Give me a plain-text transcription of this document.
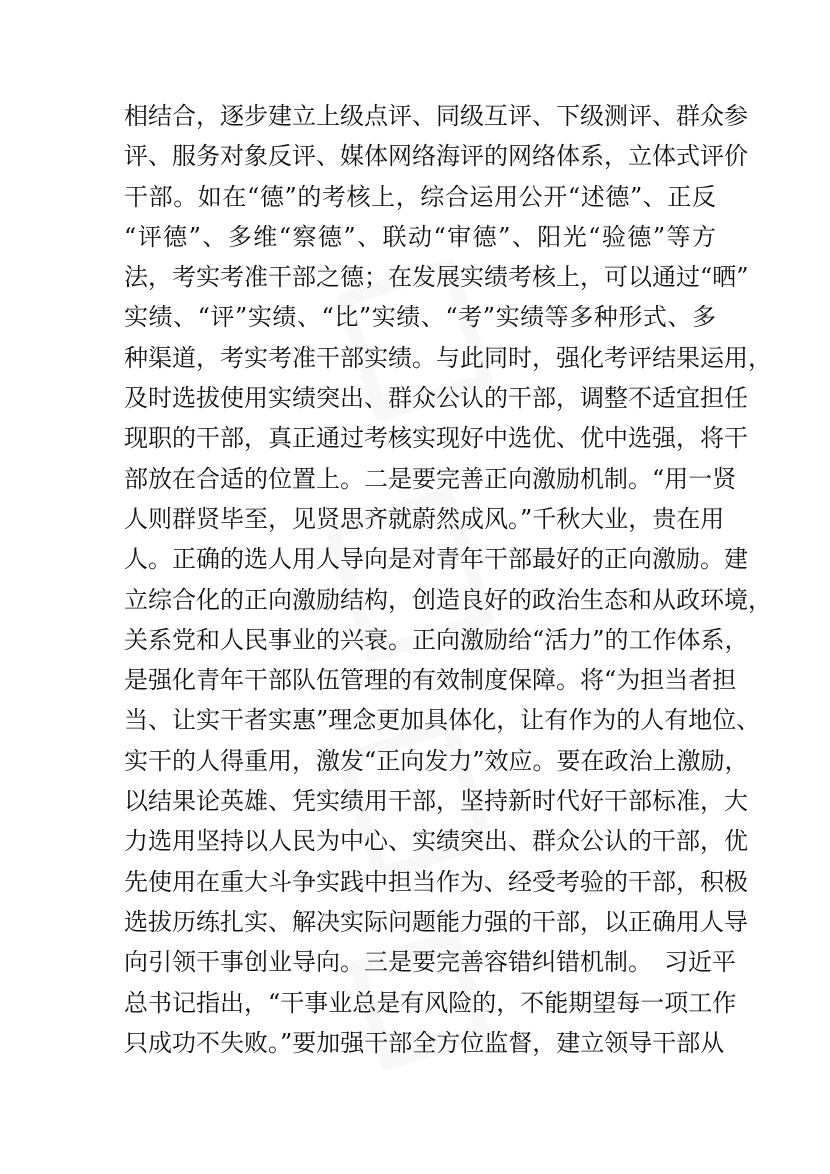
相结合，逐步建立上级点评、同级互评、下级测评、群众参
评、服务对象反评、媒体网络海评的网络体系，立体式评价
干部。如在“德”的考核上，综合运用公开“述德”、正反
“评德”、多维“察德”、联动“审德”、阳光“验德”等方
法，考实考准干部之德；在发展实绩考核上，可以通过“晒”
实绩、“评”实绩、“比”实绩、“考”实绩等多种形式、多
种渠道，考实考准干部实绩。与此同时，强化考评结果运用，
及时选拔使用实绩突出、群众公认的干部，调整不适宜担任
现职的干部，真正通过考核实现好中选优、优中选强，将干
部放在合适的位置上。二是要完善正向激励机制。“用一贤
人则群贤毕至，见贤思齐就蔚然成风。”千秋大业，贵在用
人。正确的选人用人导向是对青年干部最好的正向激励。建
立综合化的正向激励结构，创造良好的政治生态和从政环境，
关系党和人民事业的兴衰。正向激励给“活力”的工作体系，
是强化青年干部队伍管理的有效制度保障。将“为担当者担
当、让实干者实惠”理念更加具体化，让有作为的人有地位、
实干的人得重用，激发“正向发力”效应。要在政治上激励，
以结果论英雄、凭实绩用干部，坚持新时代好干部标准，大
力选用坚持以人民为中心、实绩突出、群众公认的干部，优
先使用在重大斗争实践中担当作为、经受考验的干部，积极
选拔历练扎实、解决实际问题能力强的干部，以正确用人导
向引领干事创业导向。三是要完善容错纠错机制。　习近平
总书记指出，“干事业总是有风险的，不能期望每一项工作
只成功不失败。”要加强干部全方位监督，建立领导干部从
